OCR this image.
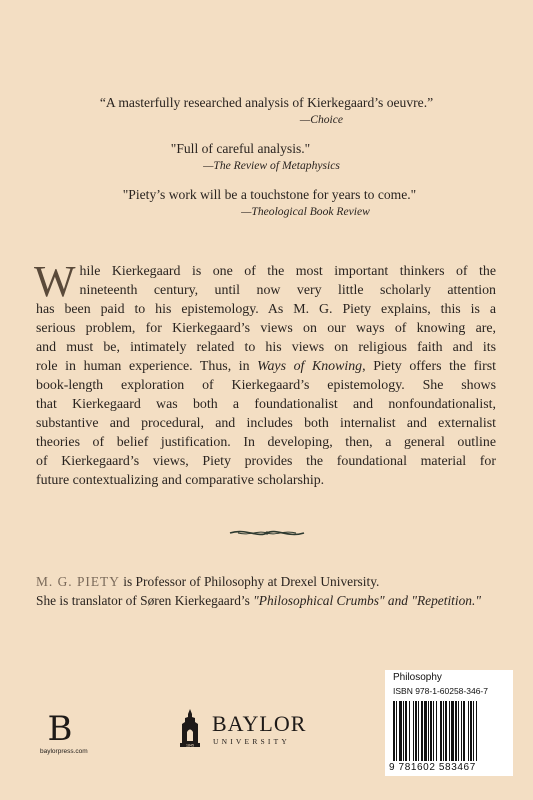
“A masterfully researched analysis of Kierkegaard’s oeuvre.”
—Choice
"Full of careful analysis."
—The Review of Metaphysics
"Piety’s work will be a touchstone for years to come."
—Theological Book Review
W hile Kierkegaard is one of the most important thinkers of the
nineteenth century, until now very little scholarly attention
has been paid to his epistemology. As M. G. Piety explains, this is a
serious problem, for Kierkegaard’s views on our ways of knowing are,
and must be, intimately related to his views on religious faith and its
role in human experience. Thus, in Ways of Knowing, Piety offers the first
book-length exploration of Kierkegaard’s epistemology. She shows
that Kierkegaard was both a foundationalist and nonfoundationalist,
substantive and procedural, and includes both internalist and externalist
theories of belief justification. In developing, then, a general outline
of Kierkegaard’s views, Piety provides the foundational material for
future contextualizing and comparative scholarship.
M. G. PIETY is Professor of Philosophy at Drexel University.
She is translator of Søren Kierkegaard’s "Philosophical Crumbs" and "Repetition."
B
baylorpress.com
1845
BAYLOR
UNIVERSITY
Philosophy
ISBN 978-1-60258-346-7
9 781602 583467
